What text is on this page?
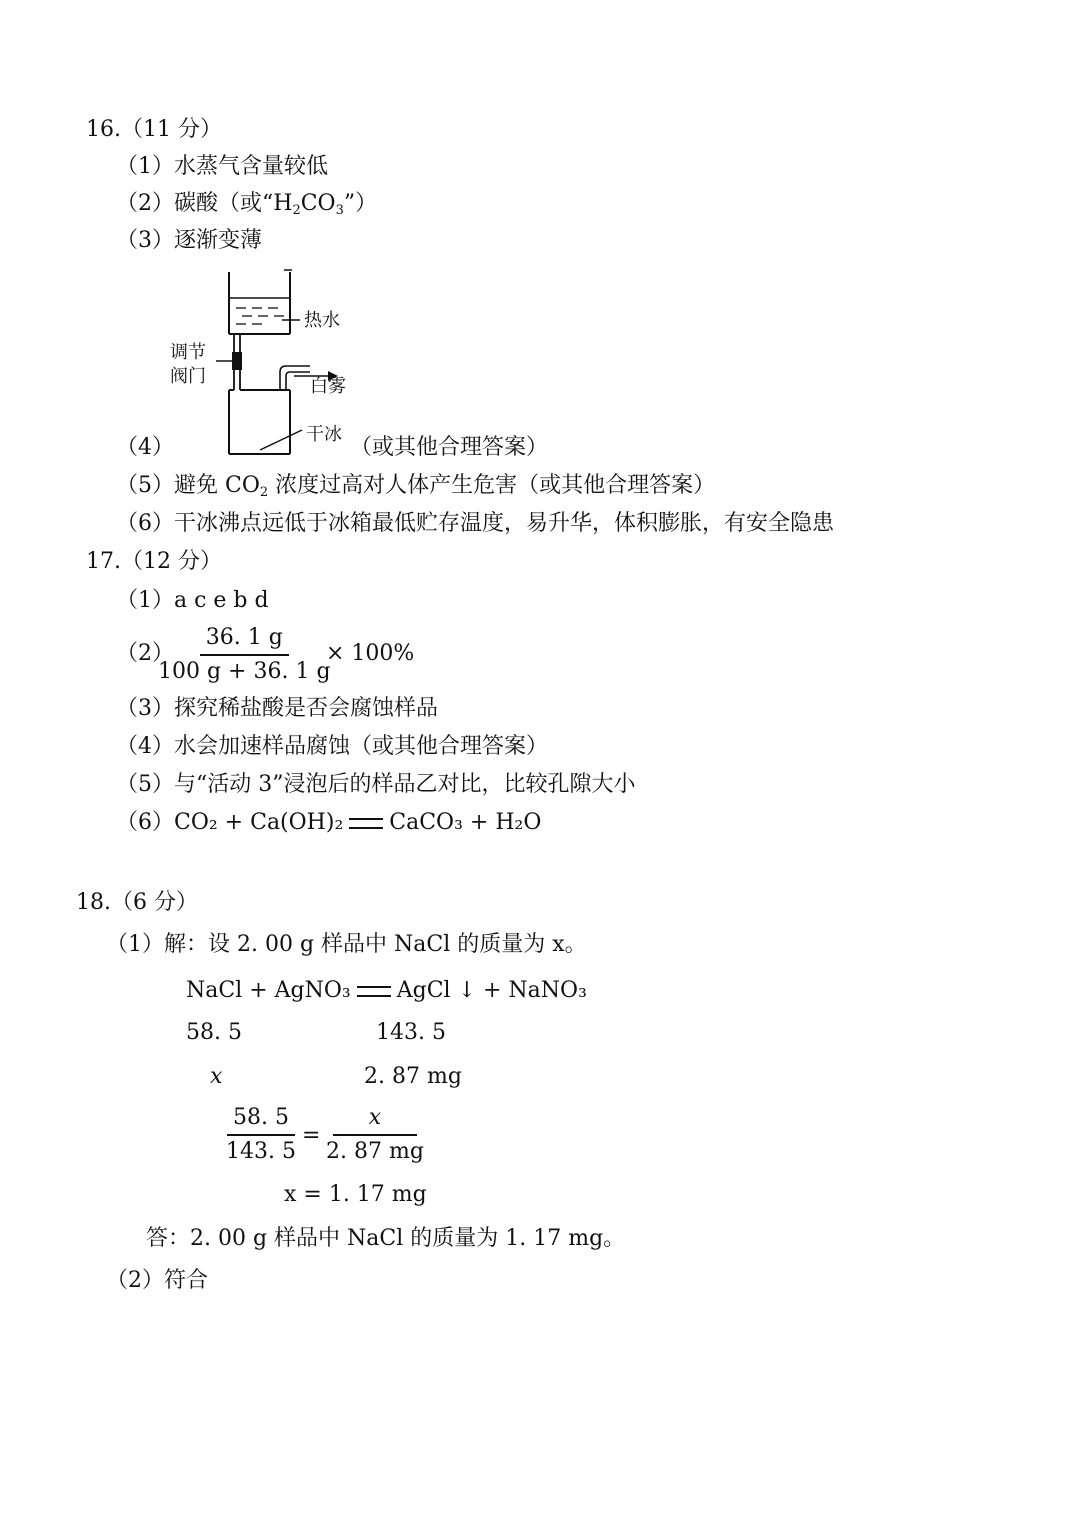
16.（11 分）
（1）水蒸气含量较低
（2）碳酸（或“$H_2CO_3$”）
（3）逐渐变薄
热水
调节
阀门	白雾
干冰
（4）	（或其他合理答案）
（5）避免 $CO_2$ 浓度过高对人体产生危害（或其他合理答案）
（6）干冰沸点远低于冰箱最低贮存温度，易升华，体积膨胀，有安全隐患
17.（12 分）
（1）a c e b d
（2）
$\frac{36. 1 g}{100 g + 36. 1 g}$
× 100%
（3）探究稀盐酸是否会腐蚀样品
（4）水会加速样品腐蚀（或其他合理答案）
（5）与“活动 3”浸泡后的样品乙对比，比较孔隙大小
（6）CO₂ + Ca(OH)₂ CaCO₃ + H₂O
18.（6 分）
（1）解：设 2. 00 g 样品中 NaCl 的质量为 x。
NaCl + AgNO₃ AgCl ↓ + NaNO₃
58. 5	143. 5
x	2. 87 mg
$\frac{58. 5}{143. 5} = \frac{x}{2. 87 mg}$
x = 1. 17 mg
答：2. 00 g 样品中 NaCl 的质量为 1. 17 mg。
（2）符合
